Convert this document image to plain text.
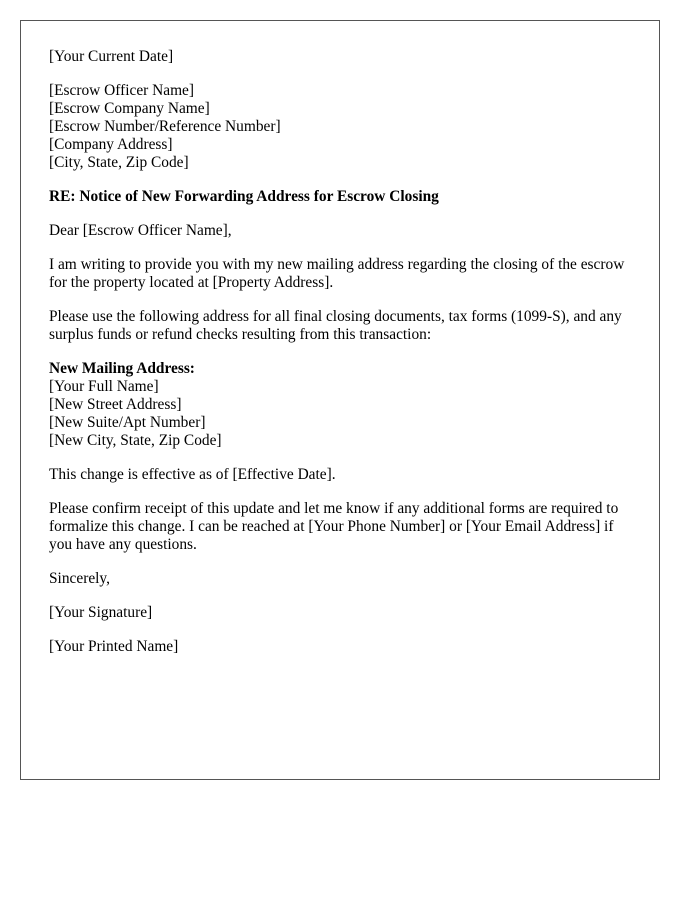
[Your Current Date]
[Escrow Officer Name]
[Escrow Company Name]
[Escrow Number/Reference Number]
[Company Address]
[City, State, Zip Code]

RE: Notice of New Forwarding Address for Escrow Closing

Dear [Escrow Officer Name],

I am writing to provide you with my new mailing address regarding the closing of the escrow for the property located at [Property Address].

Please use the following address for all final closing documents, tax forms (1099-S), and any surplus funds or refund checks resulting from this transaction:

New Mailing Address:
[Your Full Name]
[New Street Address]
[New Suite/Apt Number]
[New City, State, Zip Code]

This change is effective as of [Effective Date].

Please confirm receipt of this update and let me know if any additional forms are required to formalize this change. I can be reached at [Your Phone Number] or [Your Email Address] if you have any questions.

Sincerely,

[Your Signature]

[Your Printed Name]
